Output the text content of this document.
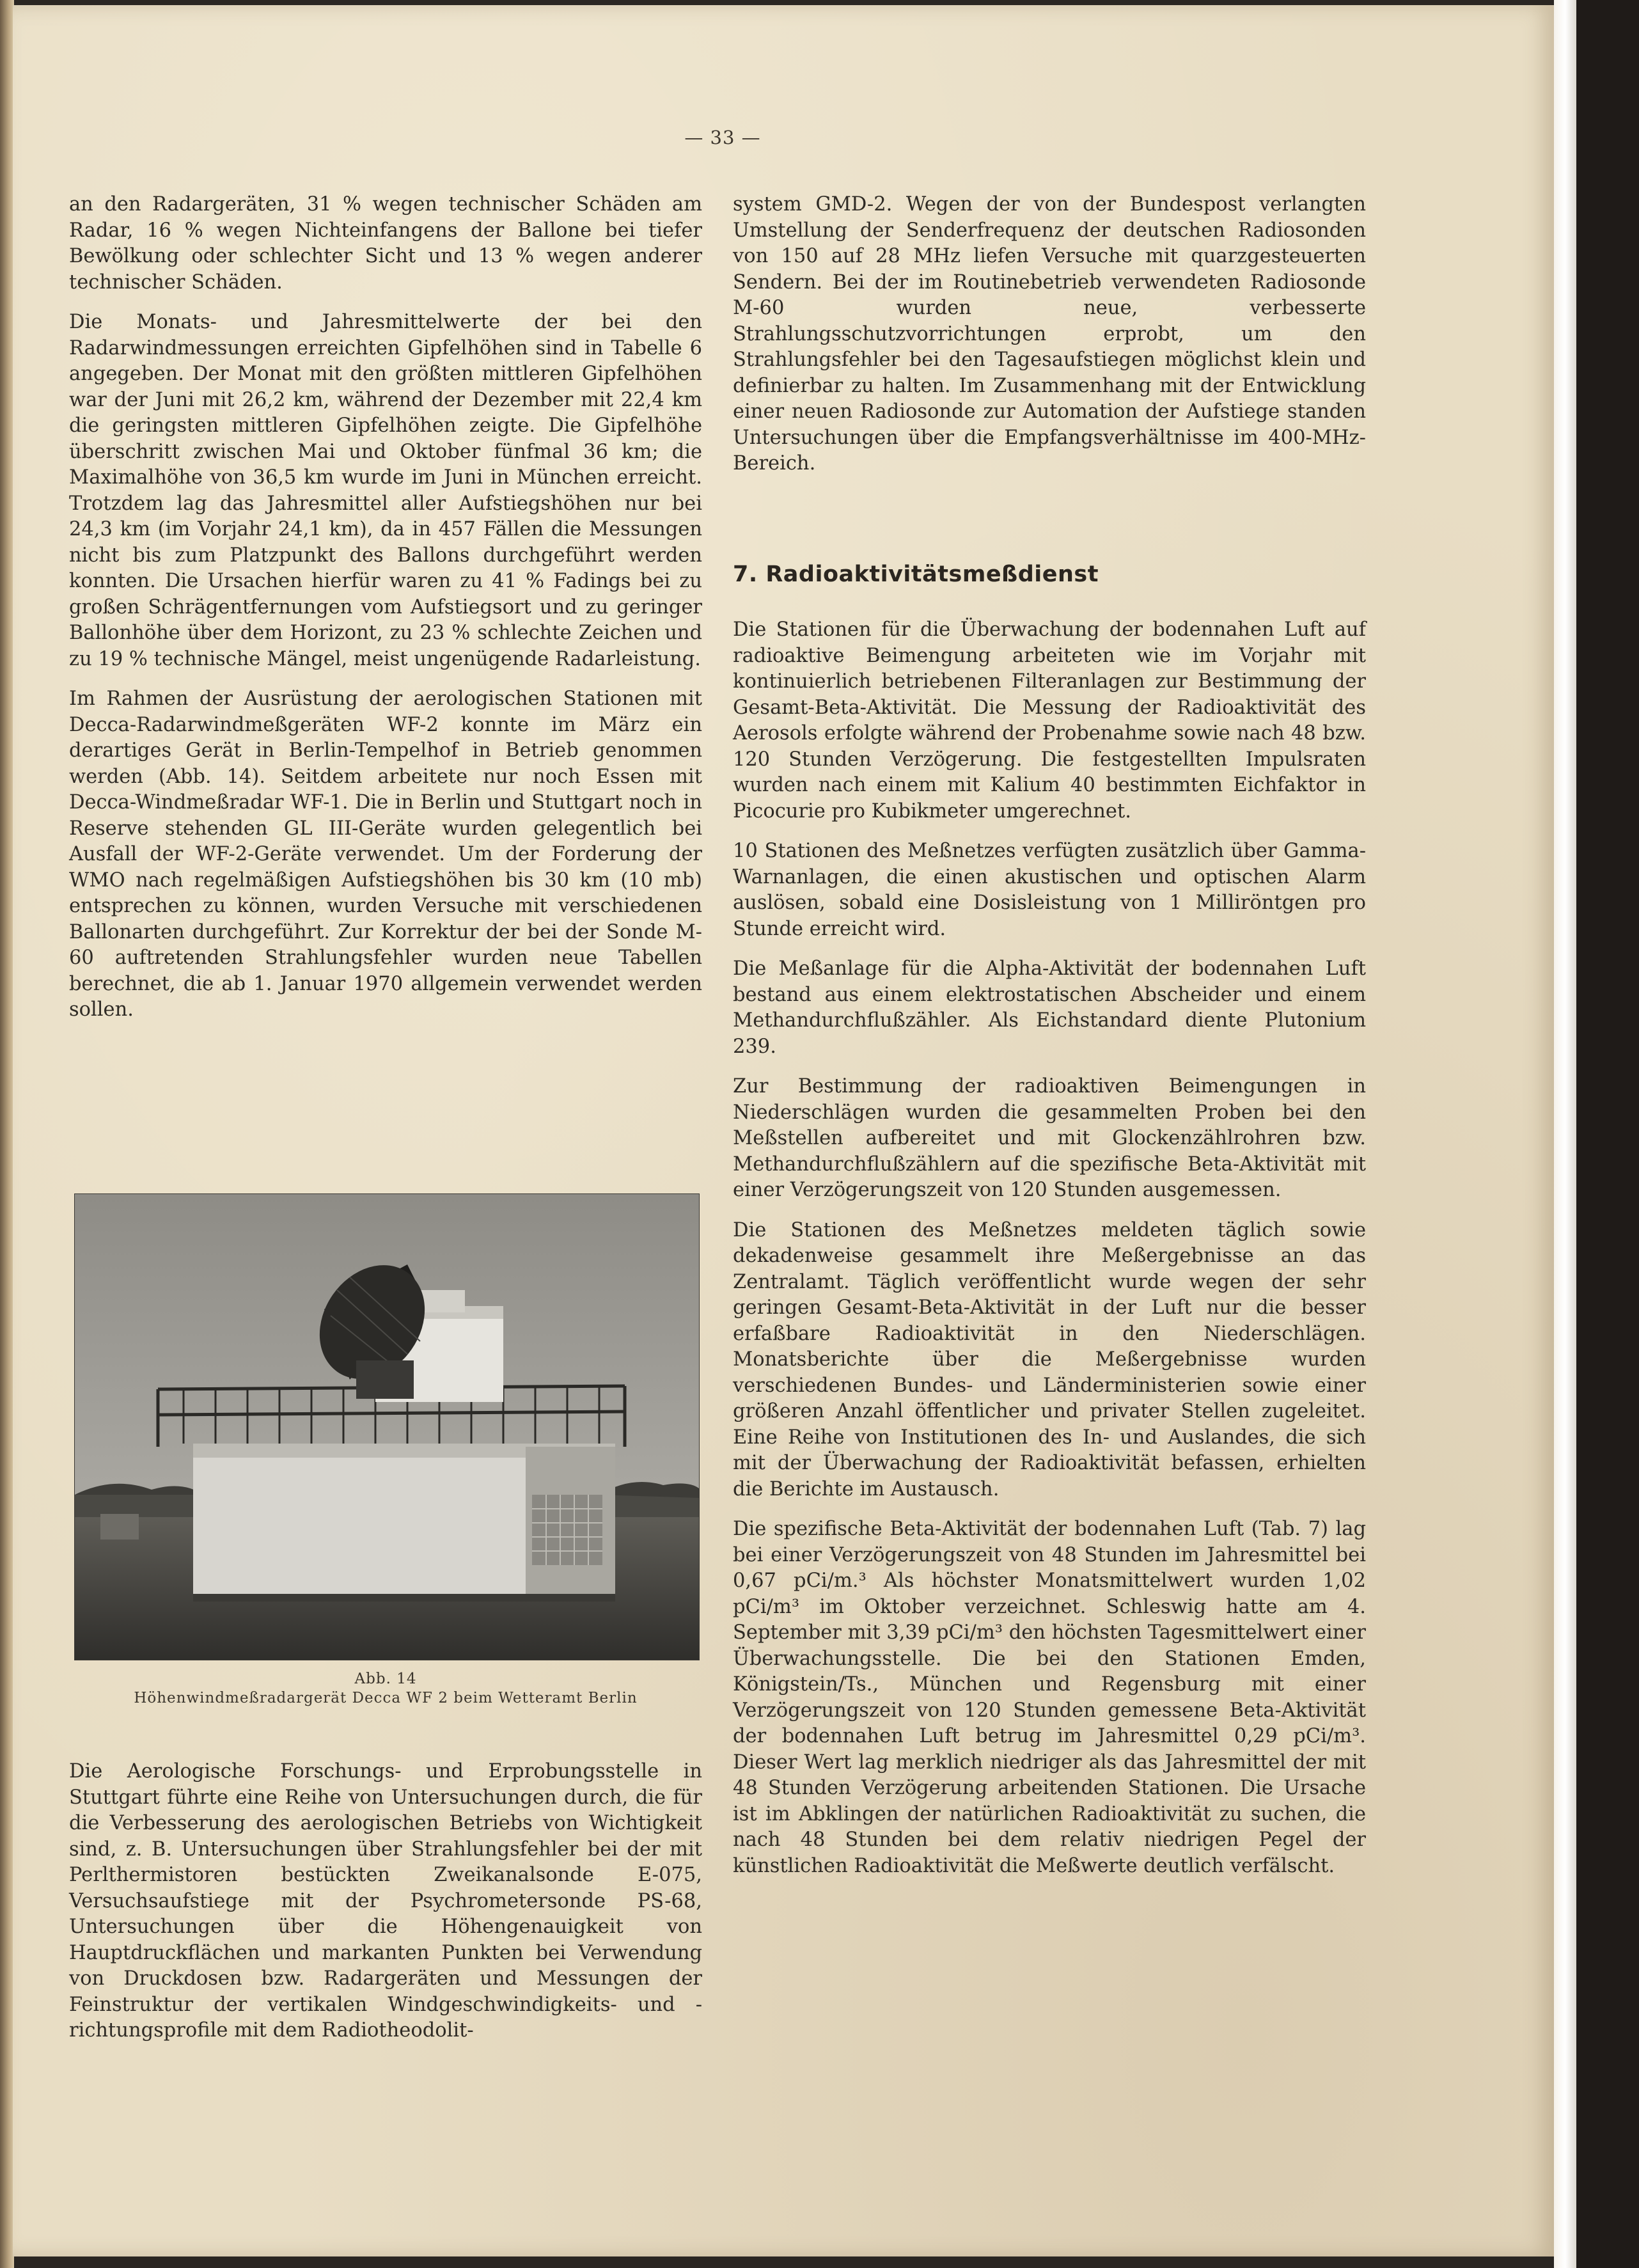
— 33 —

an den Radargeräten, 31 % wegen technischer Schäden am Radar, 16 % wegen Nichteinfangens der Ballone bei tiefer Bewölkung oder schlechter Sicht und 13 % wegen anderer technischer Schäden.

Die Monats- und Jahresmittelwerte der bei den Radarwindmessungen erreichten Gipfelhöhen sind in Tabelle 6 angegeben. Der Monat mit den größten mittleren Gipfelhöhen war der Juni mit 26,2 km, während der Dezember mit 22,4 km die geringsten mittleren Gipfelhöhen zeigte. Die Gipfelhöhe überschritt zwischen Mai und Oktober fünfmal 36 km; die Maximalhöhe von 36,5 km wurde im Juni in München erreicht. Trotzdem lag das Jahresmittel aller Aufstiegshöhen nur bei 24,3 km (im Vorjahr 24,1 km), da in 457 Fällen die Messungen nicht bis zum Platzpunkt des Ballons durchgeführt werden konnten. Die Ursachen hierfür waren zu 41 % Fadings bei zu großen Schrägentfernungen vom Aufstiegsort und zu geringer Ballonhöhe über dem Horizont, zu 23 % schlechte Zeichen und zu 19 % technische Mängel, meist ungenügende Radarleistung.

Im Rahmen der Ausrüstung der aerologischen Stationen mit Decca-Radarwindmeßgeräten WF-2 konnte im März ein derartiges Gerät in Berlin-Tempelhof in Betrieb genommen werden (Abb. 14). Seitdem arbeitete nur noch Essen mit Decca-Windmeßradar WF-1. Die in Berlin und Stuttgart noch in Reserve stehenden GL III-Geräte wurden gelegentlich bei Ausfall der WF-2-Geräte verwendet. Um der Forderung der WMO nach regelmäßigen Aufstiegshöhen bis 30 km (10 mb) entsprechen zu können, wurden Versuche mit verschiedenen Ballonarten durchgeführt. Zur Korrektur der bei der Sonde M-60 auftretenden Strahlungsfehler wurden neue Tabellen berechnet, die ab 1. Januar 1970 allgemein verwendet werden sollen.

Abb. 14
Höhenwindmeßradargerät Decca WF 2 beim Wetteramt Berlin

Die Aerologische Forschungs- und Erprobungsstelle in Stuttgart führte eine Reihe von Untersuchungen durch, die für die Verbesserung des aerologischen Betriebs von Wichtigkeit sind, z. B. Untersuchungen über Strahlungsfehler bei der mit Perlthermistoren bestückten Zweikanalsonde E-075, Versuchsaufstiege mit der Psychrometersonde PS-68, Untersuchungen über die Höhengenauigkeit von Hauptdruckflächen und markanten Punkten bei Verwendung von Druckdosen bzw. Radargeräten und Messungen der Feinstruktur der vertikalen Windgeschwindigkeits- und -richtungsprofile mit dem Radiotheodolit-

system GMD-2. Wegen der von der Bundespost verlangten Umstellung der Senderfrequenz der deutschen Radiosonden von 150 auf 28 MHz liefen Versuche mit quarzgesteuerten Sendern. Bei der im Routinebetrieb verwendeten Radiosonde M-60 wurden neue, verbesserte Strahlungsschutzvorrichtungen erprobt, um den Strahlungsfehler bei den Tagesaufstiegen möglichst klein und definierbar zu halten. Im Zusammenhang mit der Entwicklung einer neuen Radiosonde zur Automation der Aufstiege standen Untersuchungen über die Empfangsverhältnisse im 400-MHz-Bereich.

7. Radioaktivitätsmeßdienst

Die Stationen für die Überwachung der bodennahen Luft auf radioaktive Beimengung arbeiteten wie im Vorjahr mit kontinuierlich betriebenen Filteranlagen zur Bestimmung der Gesamt-Beta-Aktivität. Die Messung der Radioaktivität des Aerosols erfolgte während der Probenahme sowie nach 48 bzw. 120 Stunden Verzögerung. Die festgestellten Impulsraten wurden nach einem mit Kalium 40 bestimmten Eichfaktor in Picocurie pro Kubikmeter umgerechnet.

10 Stationen des Meßnetzes verfügten zusätzlich über Gamma-Warnanlagen, die einen akustischen und optischen Alarm auslösen, sobald eine Dosisleistung von 1 Milliröntgen pro Stunde erreicht wird.

Die Meßanlage für die Alpha-Aktivität der bodennahen Luft bestand aus einem elektrostatischen Abscheider und einem Methandurchflußzähler. Als Eichstandard diente Plutonium 239.

Zur Bestimmung der radioaktiven Beimengungen in Niederschlägen wurden die gesammelten Proben bei den Meßstellen aufbereitet und mit Glockenzählrohren bzw. Methandurchflußzählern auf die spezifische Beta-Aktivität mit einer Verzögerungszeit von 120 Stunden ausgemessen.

Die Stationen des Meßnetzes meldeten täglich sowie dekadenweise gesammelt ihre Meßergebnisse an das Zentralamt. Täglich veröffentlicht wurde wegen der sehr geringen Gesamt-Beta-Aktivität in der Luft nur die besser erfaßbare Radioaktivität in den Niederschlägen. Monatsberichte über die Meßergebnisse wurden verschiedenen Bundes- und Länderministerien sowie einer größeren Anzahl öffentlicher und privater Stellen zugeleitet. Eine Reihe von Institutionen des In- und Auslandes, die sich mit der Überwachung der Radioaktivität befassen, erhielten die Berichte im Austausch.

Die spezifische Beta-Aktivität der bodennahen Luft (Tab. 7) lag bei einer Verzögerungszeit von 48 Stunden im Jahresmittel bei 0,67 pCi/m.³ Als höchster Monatsmittelwert wurden 1,02 pCi/m³ im Oktober verzeichnet. Schleswig hatte am 4. September mit 3,39 pCi/m³ den höchsten Tagesmittelwert einer Überwachungsstelle. Die bei den Stationen Emden, Königstein/Ts., München und Regensburg mit einer Verzögerungszeit von 120 Stunden gemessene Beta-Aktivität der bodennahen Luft betrug im Jahresmittel 0,29 pCi/m³. Dieser Wert lag merklich niedriger als das Jahresmittel der mit 48 Stunden Verzögerung arbeitenden Stationen. Die Ursache ist im Abklingen der natürlichen Radioaktivität zu suchen, die nach 48 Stunden bei dem relativ niedrigen Pegel der künstlichen Radioaktivität die Meßwerte deutlich verfälscht.
